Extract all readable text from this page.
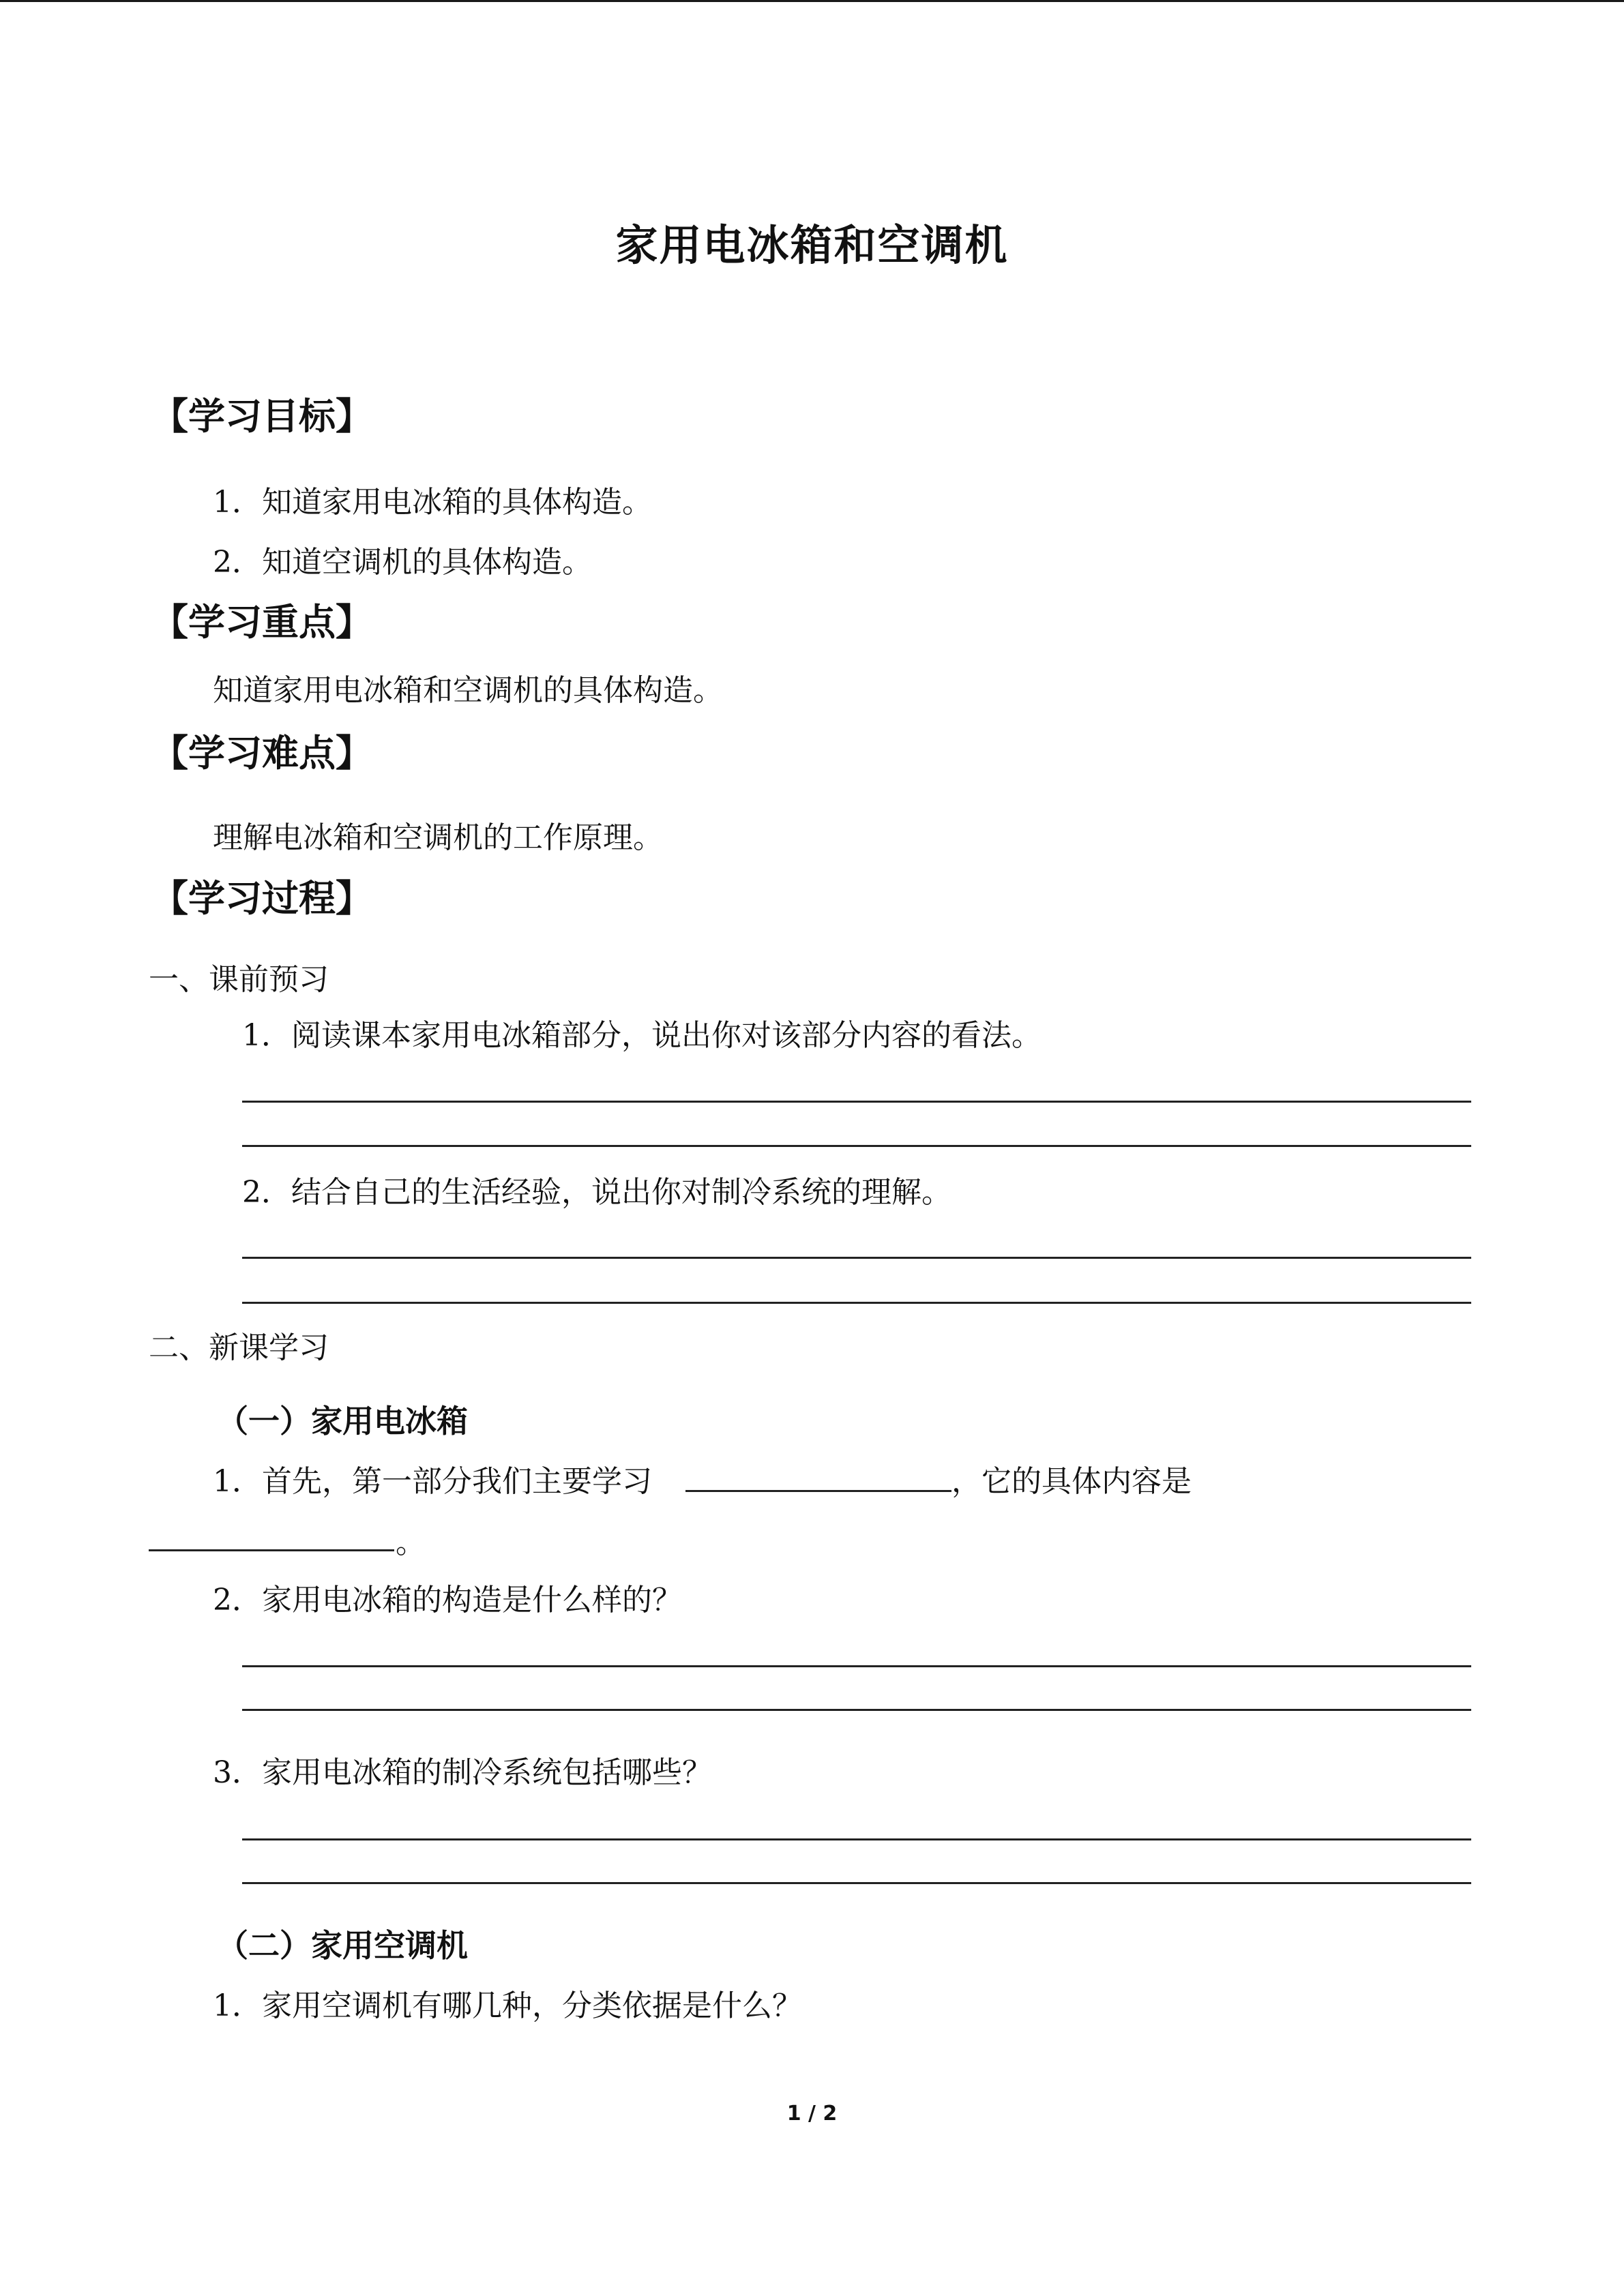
家用电冰箱和空调机
【学习目标】
1．知道家用电冰箱的具体构造。
2．知道空调机的具体构造。
【学习重点】
知道家用电冰箱和空调机的具体构造。
【学习难点】
理解电冰箱和空调机的工作原理。
【学习过程】
一、课前预习
1．阅读课本家用电冰箱部分，说出你对该部分内容的看法。
2．结合自己的生活经验，说出你对制冷系统的理解。
二、新课学习
（一）家用电冰箱
1．首先，第一部分我们主要学习	，它的具体内容是
。
2．家用电冰箱的构造是什么样的？
3．家用电冰箱的制冷系统包括哪些？
（二）家用空调机
1．家用空调机有哪几种，分类依据是什么？
1 / 2
